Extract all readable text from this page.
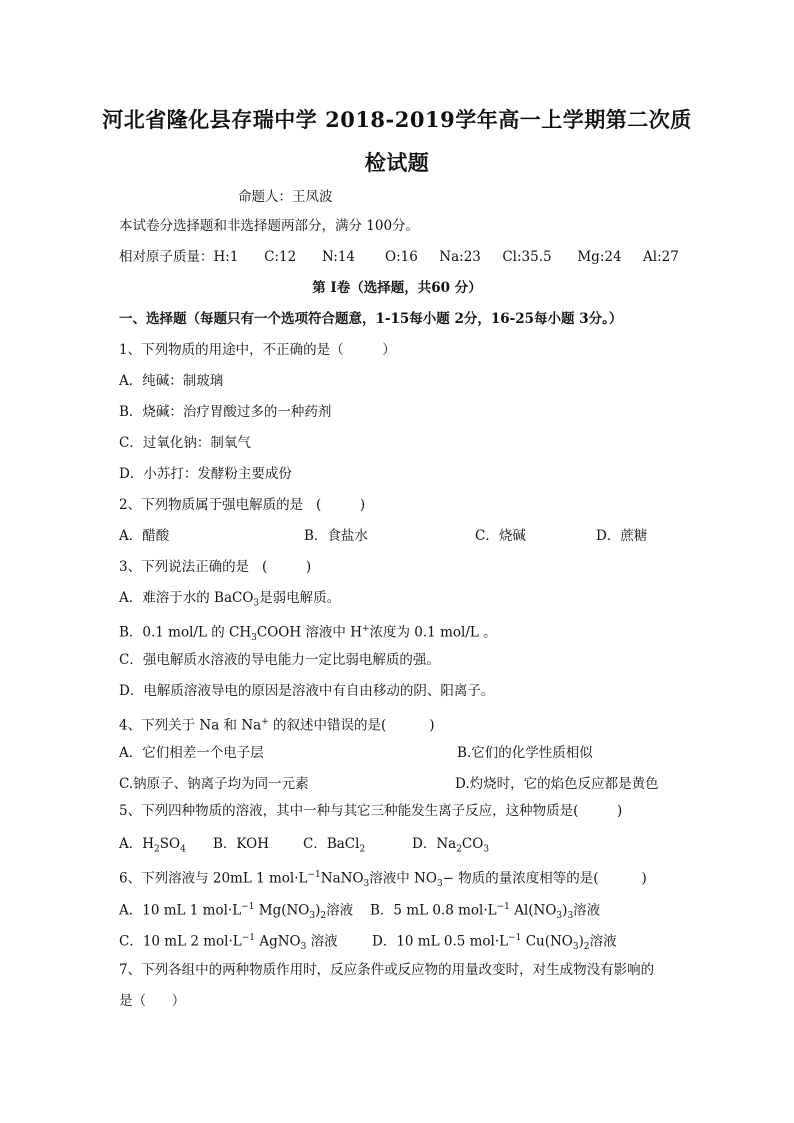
河北省隆化县存瑞中学 2018-2019学年高一上学期第二次质
检试题
命题人：王凤波
本试卷分选择题和非选择题两部分，满分 100分。
相对原子质量：H:1      C:12      N:14       O:16     Na:23     Cl:35.5      Mg:24     Al:27
第 I卷（选择题，共60 分）
一、选择题（每题只有一个选项符合题意，1-15每小题 2分，16-25每小题 3分。）
1、下列物质的用途中，不正确的是（         ）
A．纯碱：制玻璃
B．烧碱：治疗胃酸过多的一种药剂
C．过氧化钠：制氧气
D．小苏打：发酵粉主要成份
2、下列物质属于强电解质的是   (         )
A．醋酸	B．食盐水	C．烧碱	D．蔗糖
3、下列说法正确的是   (         )
A．难溶于水的 BaCO$_3$是弱电解质。
B．0.1 mol/L 的 $CH_3COOH$ 溶液中 H+浓度为 0.1 mol/L 。
C．强电解质水溶液的导电能力一定比弱电解质的强。
D．电解质溶液导电的原因是溶液中有自由移动的阴、阳离子。
4、下列关于 Na 和 Na+ 的叙述中错误的是(          )
A．它们相差一个电子层	B.它们的化学性质相似
C.钠原子、钠离子均为同一元素	D.灼烧时，它的焰色反应都是黄色
5、下列四种物质的溶液，其中一种与其它三种能发生离子反应，这种物质是(         )
A．$H_2SO_4$ B．KOH	C．BaCl$_2$	D．$Na_2CO_3$
6、下列溶液与 20mL 1 $mol\cdot L^{-1}NaNO_3$溶液中 $NO_3-$ 物质的量浓度相等的是(          )
A．10 mL 1 $mol\cdot L^{-1}$ $Mg(NO_3)_2$溶液 B．5 mL 0.8 $mol\cdot L^{-1}$ $Al(NO_3)_3$溶液
C．10 mL 2 $mol\cdot L^{-1}$ AgNO$_3$ 溶液	D．10 mL 0.5 $mol\cdot L^{-1}$ $Cu(NO_3)_2$溶液
7、下列各组中的两种物质作用时，反应条件或反应物的用量改变时，对生成物没有影响的
是（      ）
